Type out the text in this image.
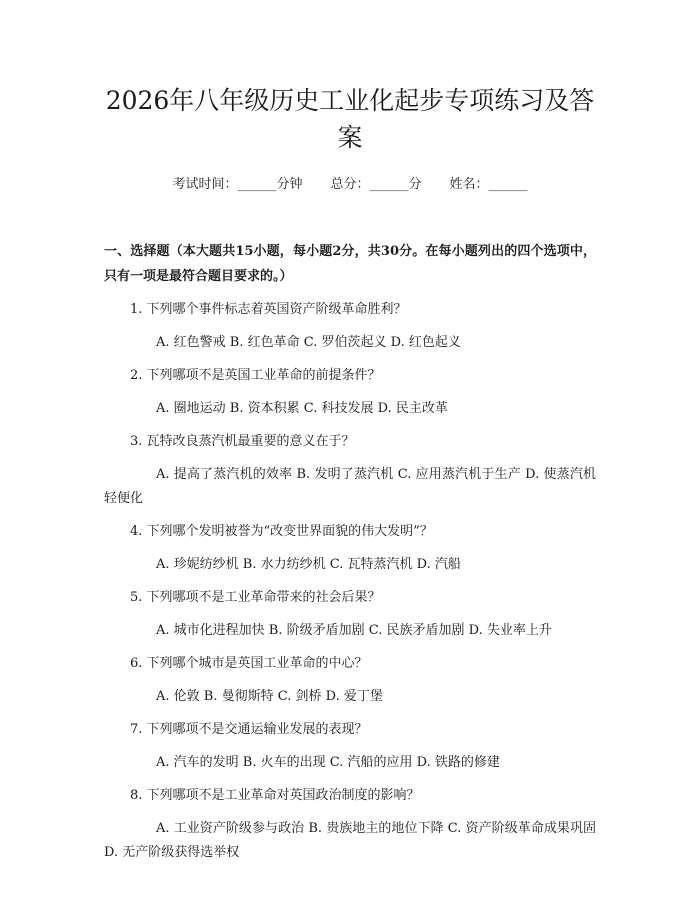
2026年八年级历史工业化起步专项练习及答案
考试时间：______分钟 总分：______分 姓名：______
一、选择题（本大题共15小题，每小题2分，共30分。在每小题列出的四个选项中，只有一项是最符合题目要求的。）
1. 下列哪个事件标志着英国资产阶级革命胜利？
A. 红色警戒 B. 红色革命 C. 罗伯茨起义 D. 红色起义
2. 下列哪项不是英国工业革命的前提条件？
A. 圈地运动 B. 资本积累 C. 科技发展 D. 民主改革
3. 瓦特改良蒸汽机最重要的意义在于？
A. 提高了蒸汽机的效率 B. 发明了蒸汽机 C. 应用蒸汽机于生产 D. 使蒸汽机轻便化
4. 下列哪个发明被誉为“改变世界面貌的伟大发明”？
A. 珍妮纺纱机 B. 水力纺纱机 C. 瓦特蒸汽机 D. 汽船
5. 下列哪项不是工业革命带来的社会后果？
A. 城市化进程加快 B. 阶级矛盾加剧 C. 民族矛盾加剧 D. 失业率上升
6. 下列哪个城市是英国工业革命的中心？
A. 伦敦 B. 曼彻斯特 C. 剑桥 D. 爱丁堡
7. 下列哪项不是交通运输业发展的表现？
A. 汽车的发明 B. 火车的出现 C. 汽船的应用 D. 铁路的修建
8. 下列哪项不是工业革命对英国政治制度的影响？
A. 工业资产阶级参与政治 B. 贵族地主的地位下降 C. 资产阶级革命成果巩固 D. 无产阶级获得选举权
